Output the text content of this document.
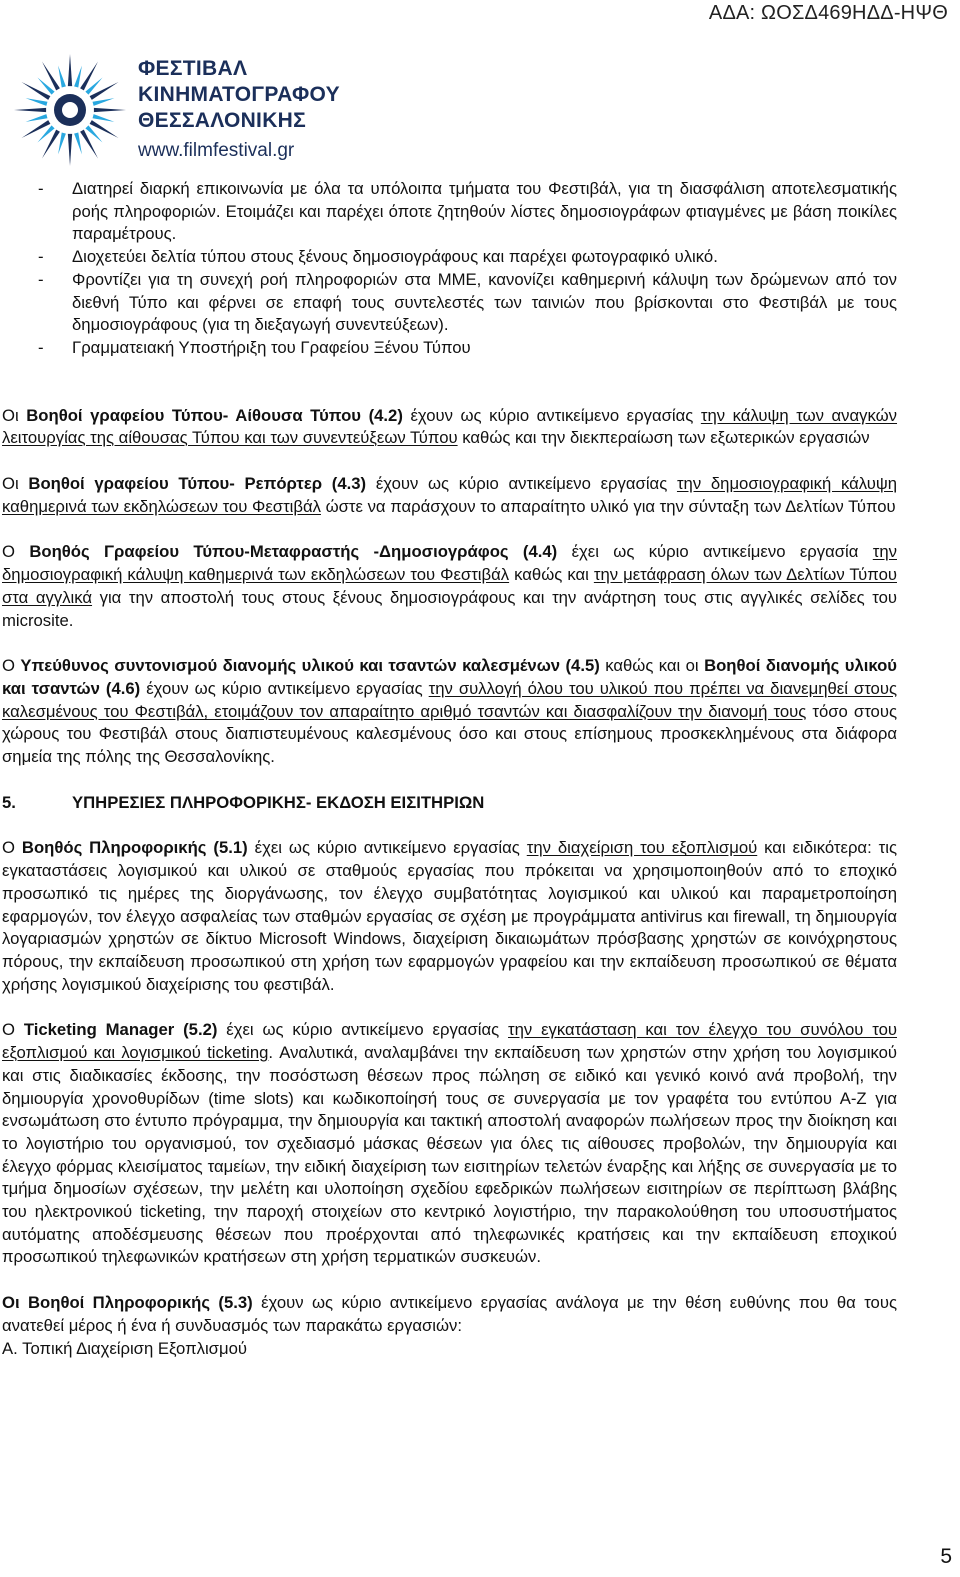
ΑΔΑ: ΩΟΣΔ469ΗΔΔ-ΗΨΘ
ΦΕΣΤΙΒΑΛ
ΚΙΝΗΜΑΤΟΓΡΑΦΟΥ
ΘΕΣΣΑΛΟΝΙΚΗΣ
www.filmfestival.gr
- Διατηρεί διαρκή επικοινωνία με όλα τα υπόλοιπα τμήματα του Φεστιβάλ, για τη διασφάλιση αποτελεσματικής ροής πληροφοριών. Ετοιμάζει και παρέχει όποτε ζητηθούν λίστες δημοσιογράφων φτιαγμένες με βάση ποικίλες παραμέτρους.
- Διοχετεύει δελτία τύπου στους ξένους δημοσιογράφους και παρέχει φωτογραφικό υλικό.
- Φροντίζει για τη συνεχή ροή πληροφοριών στα ΜΜΕ, κανονίζει καθημερινή κάλυψη των δρώμενων από τον διεθνή Τύπο και φέρνει σε επαφή τους συντελεστές των ταινιών που βρίσκονται στο Φεστιβάλ με τους δημοσιογράφους (για τη διεξαγωγή συνεντεύξεων).
- Γραμματειακή Υποστήριξη του Γραφείου Ξένου Τύπου

Οι Βοηθοί γραφείου Τύπου- Αίθουσα Τύπου (4.2) έχουν ως κύριο αντικείμενο εργασίας την κάλυψη των αναγκών λειτουργίας της αίθουσας Τύπου και των συνεντεύξεων Τύπου καθώς και την διεκπεραίωση των εξωτερικών εργασιών

Οι Βοηθοί γραφείου Τύπου- Ρεπόρτερ (4.3) έχουν ως κύριο αντικείμενο εργασίας την δημοσιογραφική κάλυψη καθημερινά των εκδηλώσεων του Φεστιβάλ ώστε να παράσχουν το απαραίτητο υλικό για την σύνταξη των Δελτίων Τύπου

Ο Βοηθός Γραφείου Τύπου-Μεταφραστής -Δημοσιογράφος (4.4) έχει ως κύριο αντικείμενο εργασία την δημοσιογραφική κάλυψη καθημερινά των εκδηλώσεων του Φεστιβάλ καθώς και την μετάφραση όλων των Δελτίων Τύπου στα αγγλικά για την αποστολή τους στους ξένους δημοσιογράφους και την ανάρτηση τους στις αγγλικές σελίδες του microsite.

Ο Υπεύθυνος συντονισμού διανομής υλικού και τσαντών καλεσμένων (4.5) καθώς και οι Βοηθοί διανομής υλικού και τσαντών (4.6) έχουν ως κύριο αντικείμενο εργασίας την συλλογή όλου του υλικού που πρέπει να διανεμηθεί στους καλεσμένους του Φεστιβάλ, ετοιμάζουν τον απαραίτητο αριθμό τσαντών και διασφαλίζουν την διανομή τους τόσο στους χώρους του Φεστιβάλ στους διαπιστευμένους καλεσμένους όσο και στους επίσημους προσκεκλημένους στα διάφορα σημεία της πόλης της Θεσσαλονίκης.

5.	ΥΠΗΡΕΣΙΕΣ ΠΛΗΡΟΦΟΡΙΚΗΣ- ΕΚΔΟΣΗ ΕΙΣΙΤΗΡΙΩΝ

Ο Βοηθός Πληροφορικής (5.1) έχει ως κύριο αντικείμενο εργασίας την διαχείριση του εξοπλισμού και ειδικότερα: τις εγκαταστάσεις λογισμικού και υλικού σε σταθμούς εργασίας που πρόκειται να χρησιμοποιηθούν από το εποχικό προσωπικό τις ημέρες της διοργάνωσης, τον έλεγχο συμβατότητας λογισμικού και υλικού και παραμετροποίηση εφαρμογών, τον έλεγχο ασφαλείας των σταθμών εργασίας σε σχέση με προγράμματα antivirus και firewall, τη δημιουργία λογαριασμών χρηστών σε δίκτυο Microsoft Windows, διαχείριση δικαιωμάτων πρόσβασης χρηστών σε κοινόχρηστους πόρους, την εκπαίδευση προσωπικού στη χρήση των εφαρμογών γραφείου και την εκπαίδευση προσωπικού σε θέματα χρήσης λογισμικού διαχείρισης του φεστιβάλ.

Ο Ticketing Manager (5.2) έχει ως κύριο αντικείμενο εργασίας την εγκατάσταση και τον έλεγχο του συνόλου του εξοπλισμού και λογισμικού ticketing. Αναλυτικά, αναλαμβάνει την εκπαίδευση των χρηστών στην χρήση του λογισμικού και στις διαδικασίες έκδοσης, την ποσόστωση θέσεων προς πώληση σε ειδικό και γενικό κοινό ανά προβολή, την δημιουργία χρονοθυρίδων (time slots) και κωδικοποίησή τους σε συνεργασία με τον γραφέτα του εντύπου Α-Ζ για ενσωμάτωση στο έντυπο πρόγραμμα, την δημιουργία και τακτική αποστολή αναφορών πωλήσεων προς την διοίκηση και το λογιστήριο του οργανισμού, τον σχεδιασμό μάσκας θέσεων για όλες τις αίθουσες προβολών, την δημιουργία και έλεγχο φόρμας κλεισίματος ταμείων, την ειδική διαχείριση των εισιτηρίων τελετών έναρξης και λήξης σε συνεργασία με το τμήμα δημοσίων σχέσεων, την μελέτη και υλοποίηση σχεδίου εφεδρικών πωλήσεων εισιτηρίων σε περίπτωση βλάβης του ηλεκτρονικού ticketing, την παροχή στοιχείων στο κεντρικό λογιστήριο, την παρακολούθηση του υποσυστήματος αυτόματης αποδέσμευσης θέσεων που προέρχονται από τηλεφωνικές κρατήσεις και την εκπαίδευση εποχικού προσωπικού τηλεφωνικών κρατήσεων στη χρήση τερματικών συσκευών.

Οι Βοηθοί Πληροφορικής (5.3) έχουν ως κύριο αντικείμενο εργασίας ανάλογα με την θέση ευθύνης που θα τους ανατεθεί μέρος ή ένα ή συνδυασμός των παρακάτω εργασιών:

Α. Τοπική Διαχείριση Εξοπλισμού

5
